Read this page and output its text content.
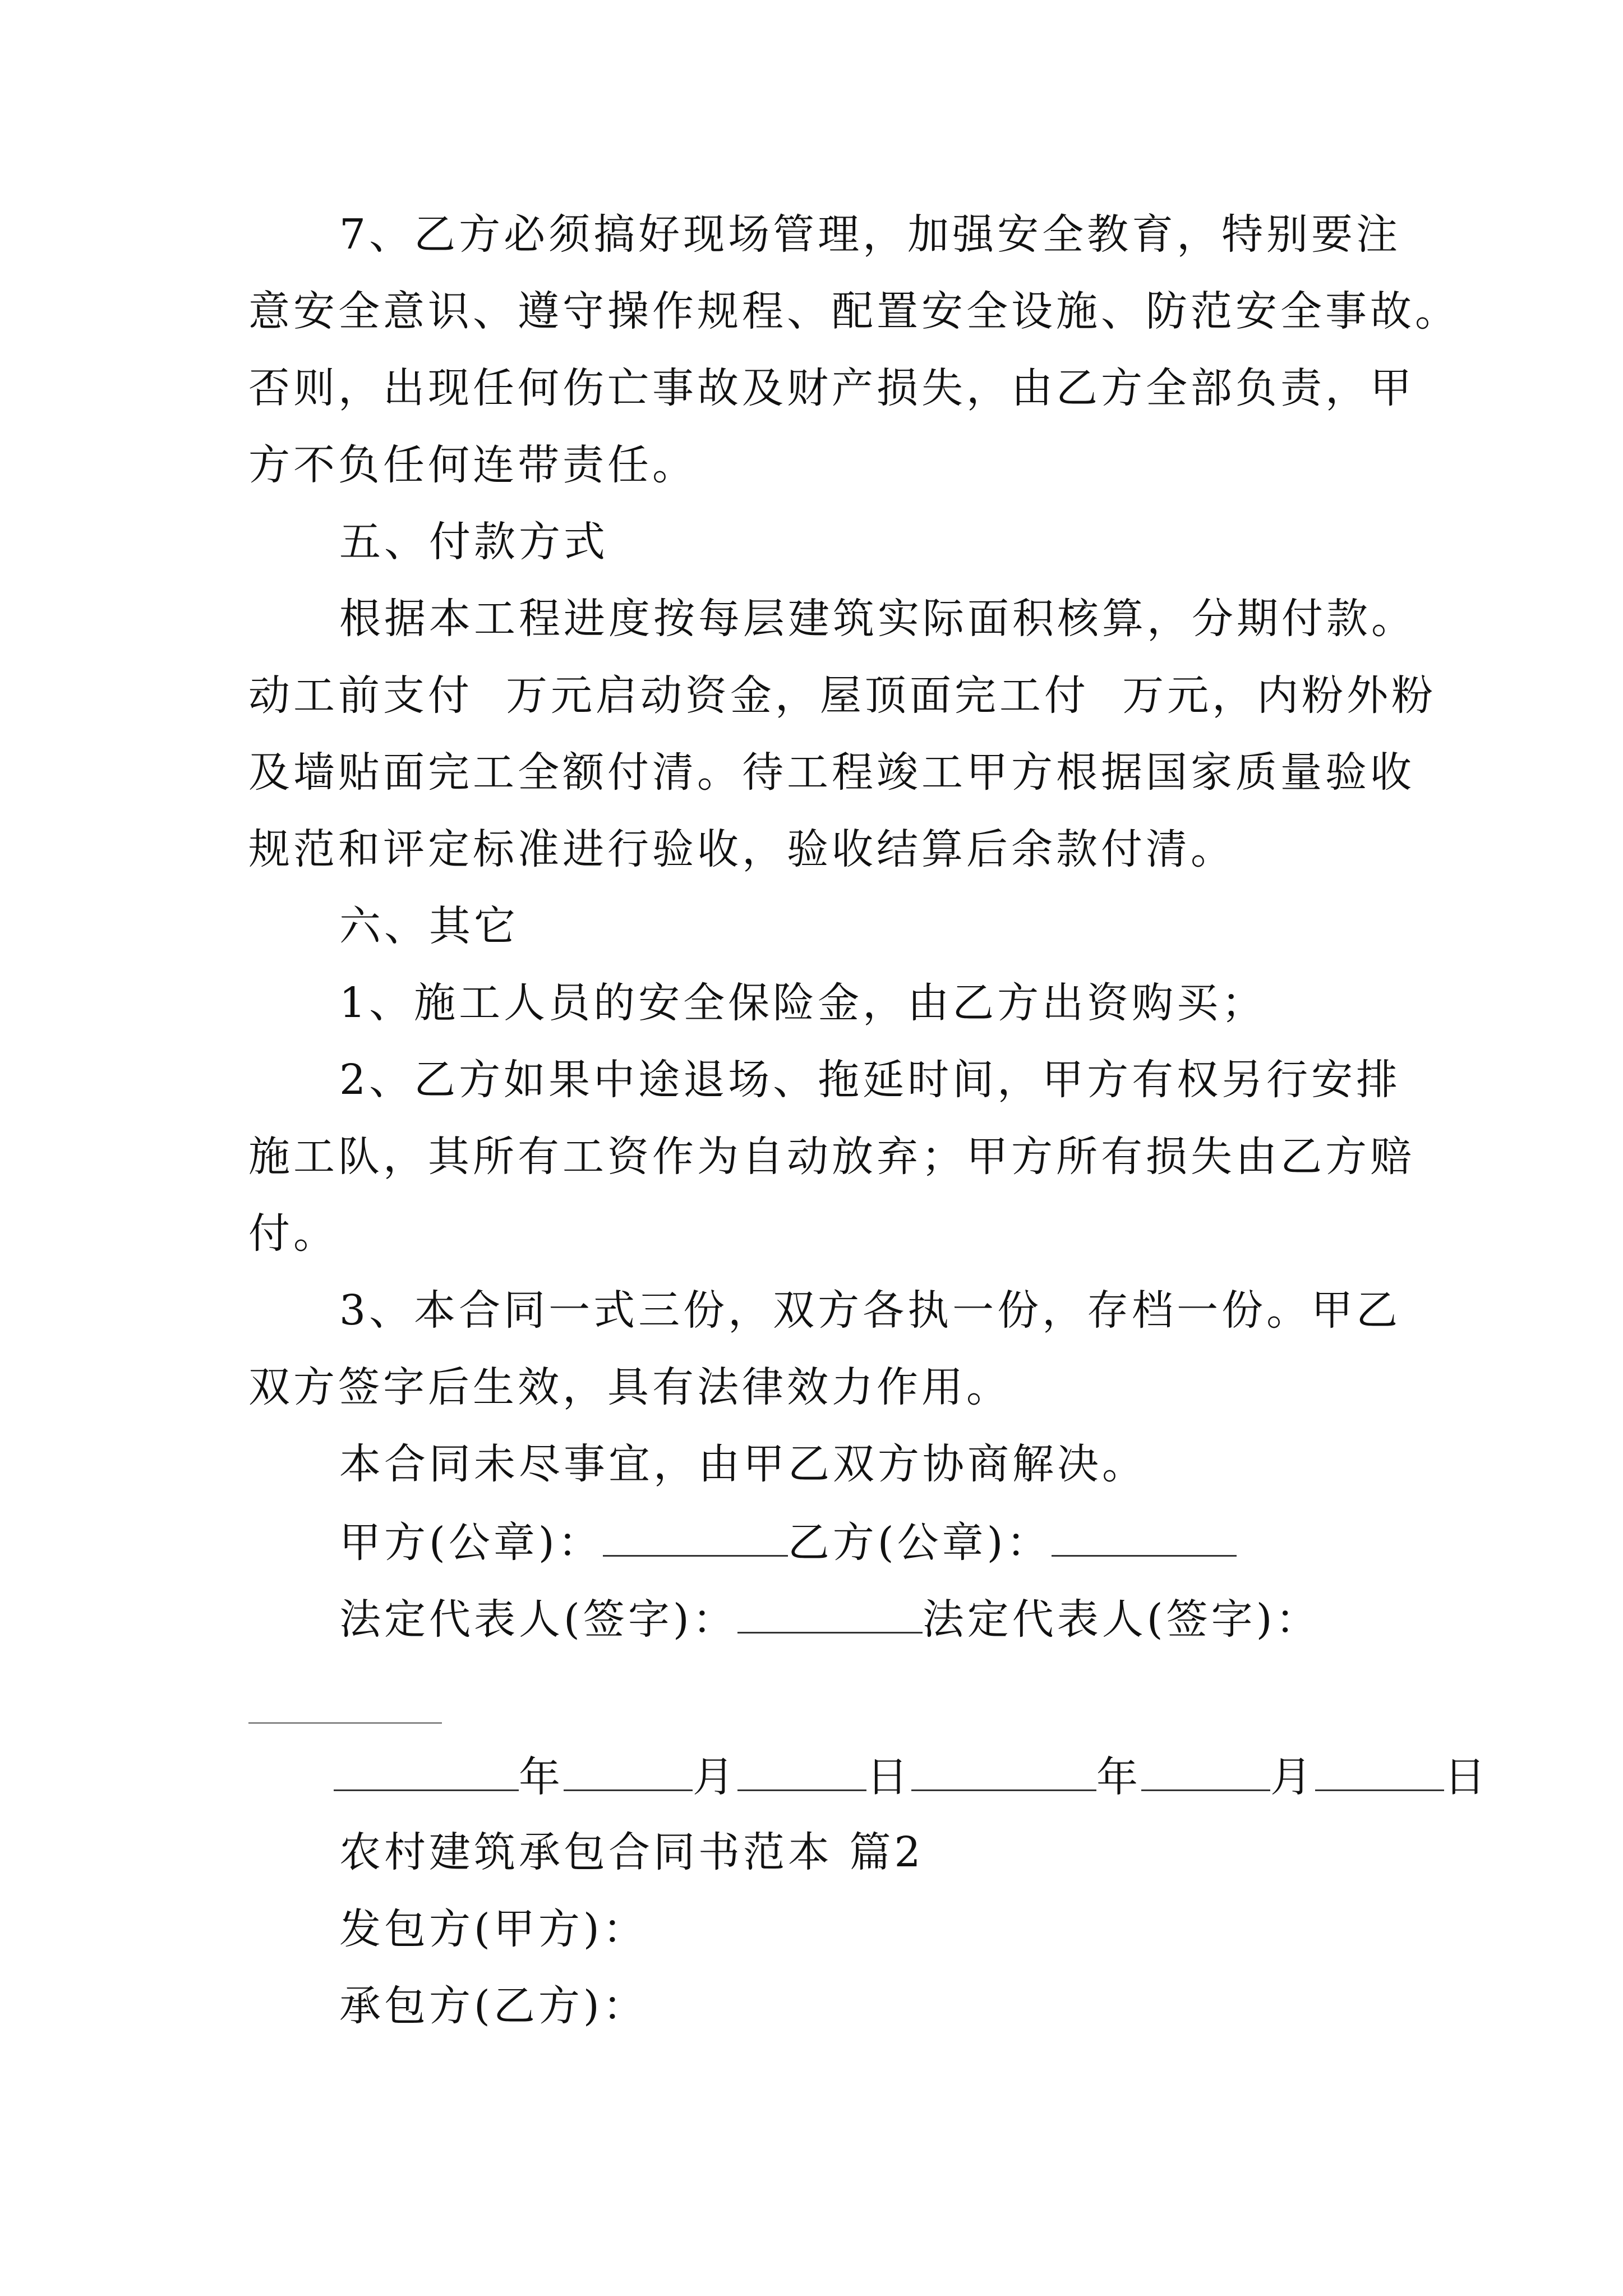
7、乙方必须搞好现场管理，加强安全教育，特别要注
意安全意识、遵守操作规程、配置安全设施、防范安全事故。
否则，出现任何伤亡事故及财产损失，由乙方全部负责，甲
方不负任何连带责任。
五、付款方式
根据本工程进度按每层建筑实际面积核算，分期付款。
动工前支付  万元启动资金，屋顶面完工付  万元，内粉外粉
及墙贴面完工全额付清。待工程竣工甲方根据国家质量验收
规范和评定标准进行验收，验收结算后余款付清。
六、其它
1、施工人员的安全保险金，由乙方出资购买；
2、乙方如果中途退场、拖延时间，甲方有权另行安排
施工队，其所有工资作为自动放弃；甲方所有损失由乙方赔
付。
3、本合同一式三份，双方各执一份，存档一份。甲乙
双方签字后生效，具有法律效力作用。
本合同未尽事宜，由甲乙双方协商解决。
甲方(公章)：	乙方(公章)：
法定代表人(签字)：	法定代表人(签字)：
年	月	日	年	月	日
农村建筑承包合同书范本 篇2
发包方(甲方)：
承包方(乙方)：
